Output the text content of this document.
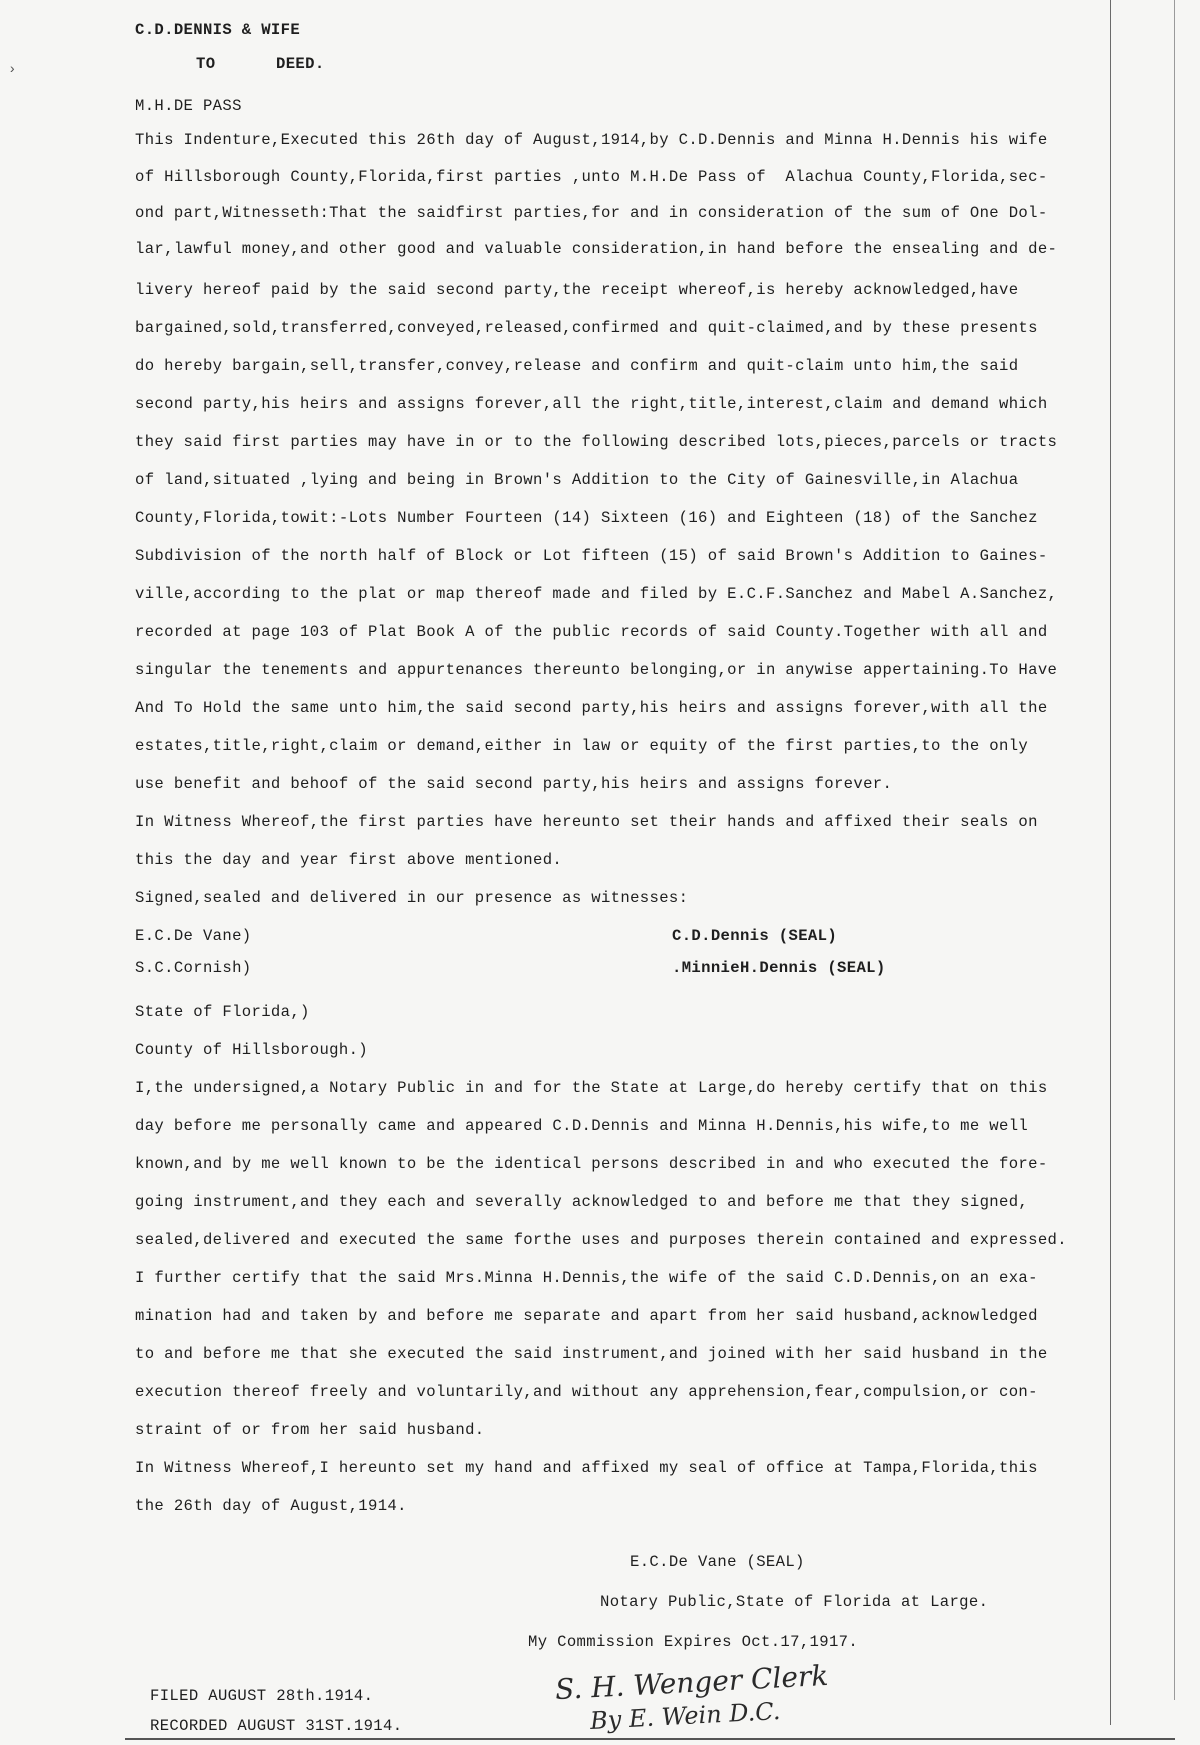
›
C.D.DENNIS & WIFE
TO	DEED.
M.H.DE PASS
This Indenture,Executed this 26th day of August,1914,by C.D.Dennis and Minna H.Dennis his wife
of Hillsborough County,Florida,first parties ,unto M.H.De Pass of  Alachua County,Florida,sec-
ond part,Witnesseth:That the saidfirst parties,for and in consideration of the sum of One Dol-
lar,lawful money,and other good and valuable consideration,in hand before the ensealing and de-
livery hereof paid by the said second party,the receipt whereof,is hereby acknowledged,have
bargained,sold,transferred,conveyed,released,confirmed and quit-claimed,and by these presents
do hereby bargain,sell,transfer,convey,release and confirm and quit-claim unto him,the said
second party,his heirs and assigns forever,all the right,title,interest,claim and demand which
they said first parties may have in or to the following described lots,pieces,parcels or tracts
of land,situated ,lying and being in Brown's Addition to the City of Gainesville,in Alachua
County,Florida,towit:-Lots Number Fourteen (14) Sixteen (16) and Eighteen (18) of the Sanchez
Subdivision of the north half of Block or Lot fifteen (15) of said Brown's Addition to Gaines-
ville,according to the plat or map thereof made and filed by E.C.F.Sanchez and Mabel A.Sanchez,
recorded at page 103 of Plat Book A of the public records of said County.Together with all and
singular the tenements and appurtenances thereunto belonging,or in anywise appertaining.To Have
And To Hold the same unto him,the said second party,his heirs and assigns forever,with all the
estates,title,right,claim or demand,either in law or equity of the first parties,to the only
use benefit and behoof of the said second party,his heirs and assigns forever.
In Witness Whereof,the first parties have hereunto set their hands and affixed their seals on
this the day and year first above mentioned.
Signed,sealed and delivered in our presence as witnesses:
E.C.De Vane)
S.C.Cornish)
C.D.Dennis (SEAL)
.MinnieH.Dennis (SEAL)
State of Florida,)
County of Hillsborough.)
I,the undersigned,a Notary Public in and for the State at Large,do hereby certify that on this
day before me personally came and appeared C.D.Dennis and Minna H.Dennis,his wife,to me well
known,and by me well known to be the identical persons described in and who executed the fore-
going instrument,and they each and severally acknowledged to and before me that they signed,
sealed,delivered and executed the same forthe uses and purposes therein contained and expressed.
I further certify that the said Mrs.Minna H.Dennis,the wife of the said C.D.Dennis,on an exa-
mination had and taken by and before me separate and apart from her said husband,acknowledged
to and before me that she executed the said instrument,and joined with her said husband in the
execution thereof freely and voluntarily,and without any apprehension,fear,compulsion,or con-
straint of or from her said husband.
In Witness Whereof,I hereunto set my hand and affixed my seal of office at Tampa,Florida,this
the 26th day of August,1914.
E.C.De Vane (SEAL)
Notary Public,State of Florida at Large.
My Commission Expires Oct.17,1917.
FILED AUGUST 28th.1914.
RECORDED AUGUST 31ST.1914.
S. H. Wenger Clerk
By E. Wein D.C.
